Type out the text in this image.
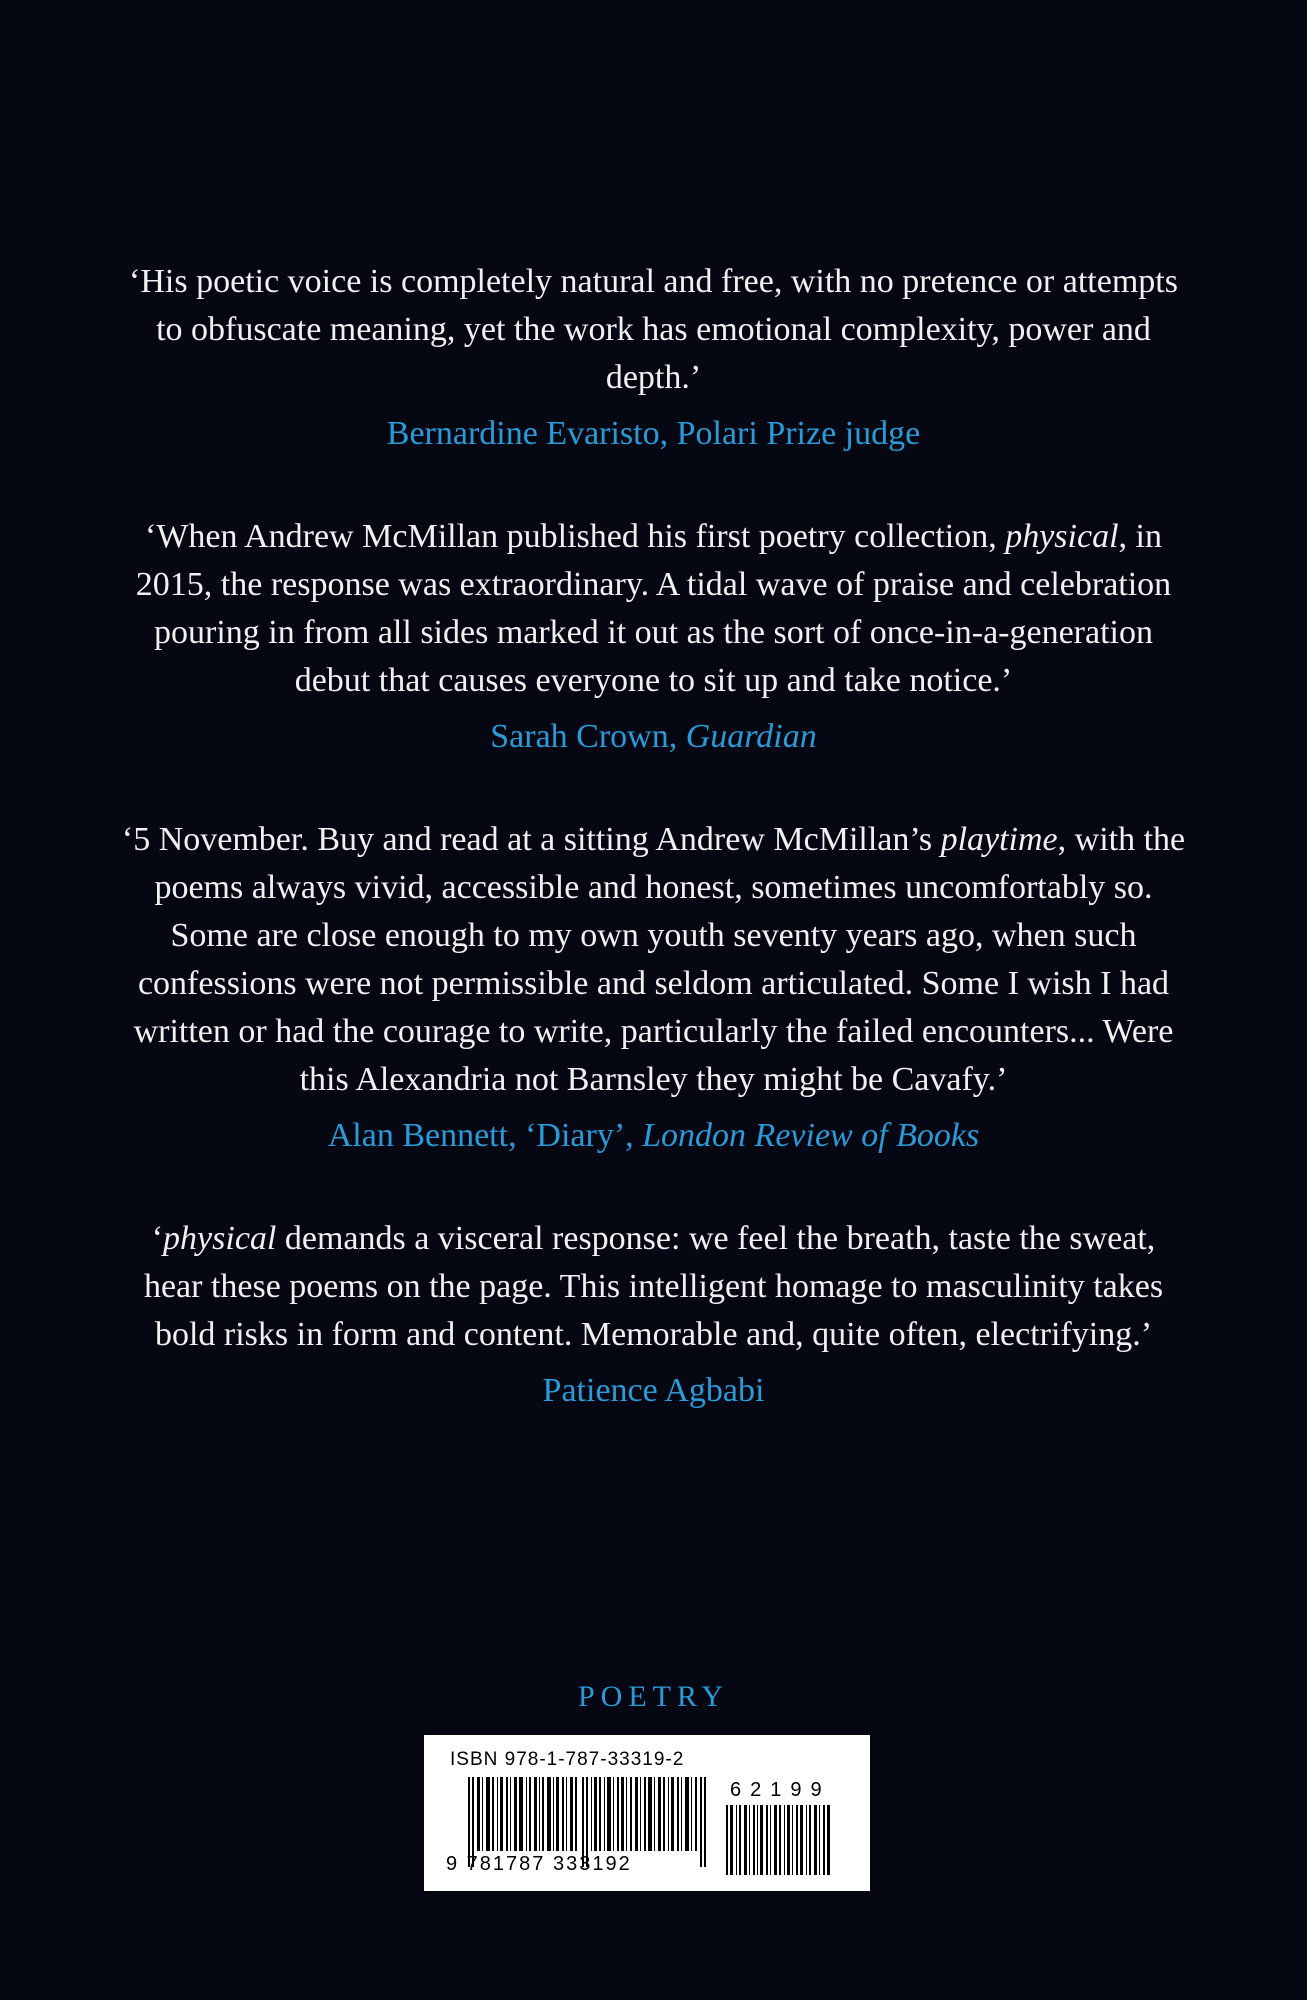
‘His poetic voice is completely natural and free, with no pretence or attempts to obfuscate meaning, yet the work has emotional complexity, power and depth.’

Bernardine Evaristo, Polari Prize judge

‘When Andrew McMillan published his first poetry collection, physical, in 2015, the response was extraordinary. A tidal wave of praise and celebration pouring in from all sides marked it out as the sort of once-in-a-generation debut that causes everyone to sit up and take notice.’

Sarah Crown, Guardian

‘5 November. Buy and read at a sitting Andrew McMillan’s playtime, with the poems always vivid, accessible and honest, sometimes uncomfortably so. Some are close enough to my own youth seventy years ago, when such confessions were not permissible and seldom articulated. Some I wish I had written or had the courage to write, particularly the failed encounters... Were this Alexandria not Barnsley they might be Cavafy.’

Alan Bennett, ‘Diary’, London Review of Books

‘physical demands a visceral response: we feel the breath, taste the sweat, hear these poems on the page. This intelligent homage to masculinity takes bold risks in form and content. Memorable and, quite often, electrifying.’

Patience Agbabi
POETRY
ISBN 978-1-787-33319-2
9 781787 333192
62199
